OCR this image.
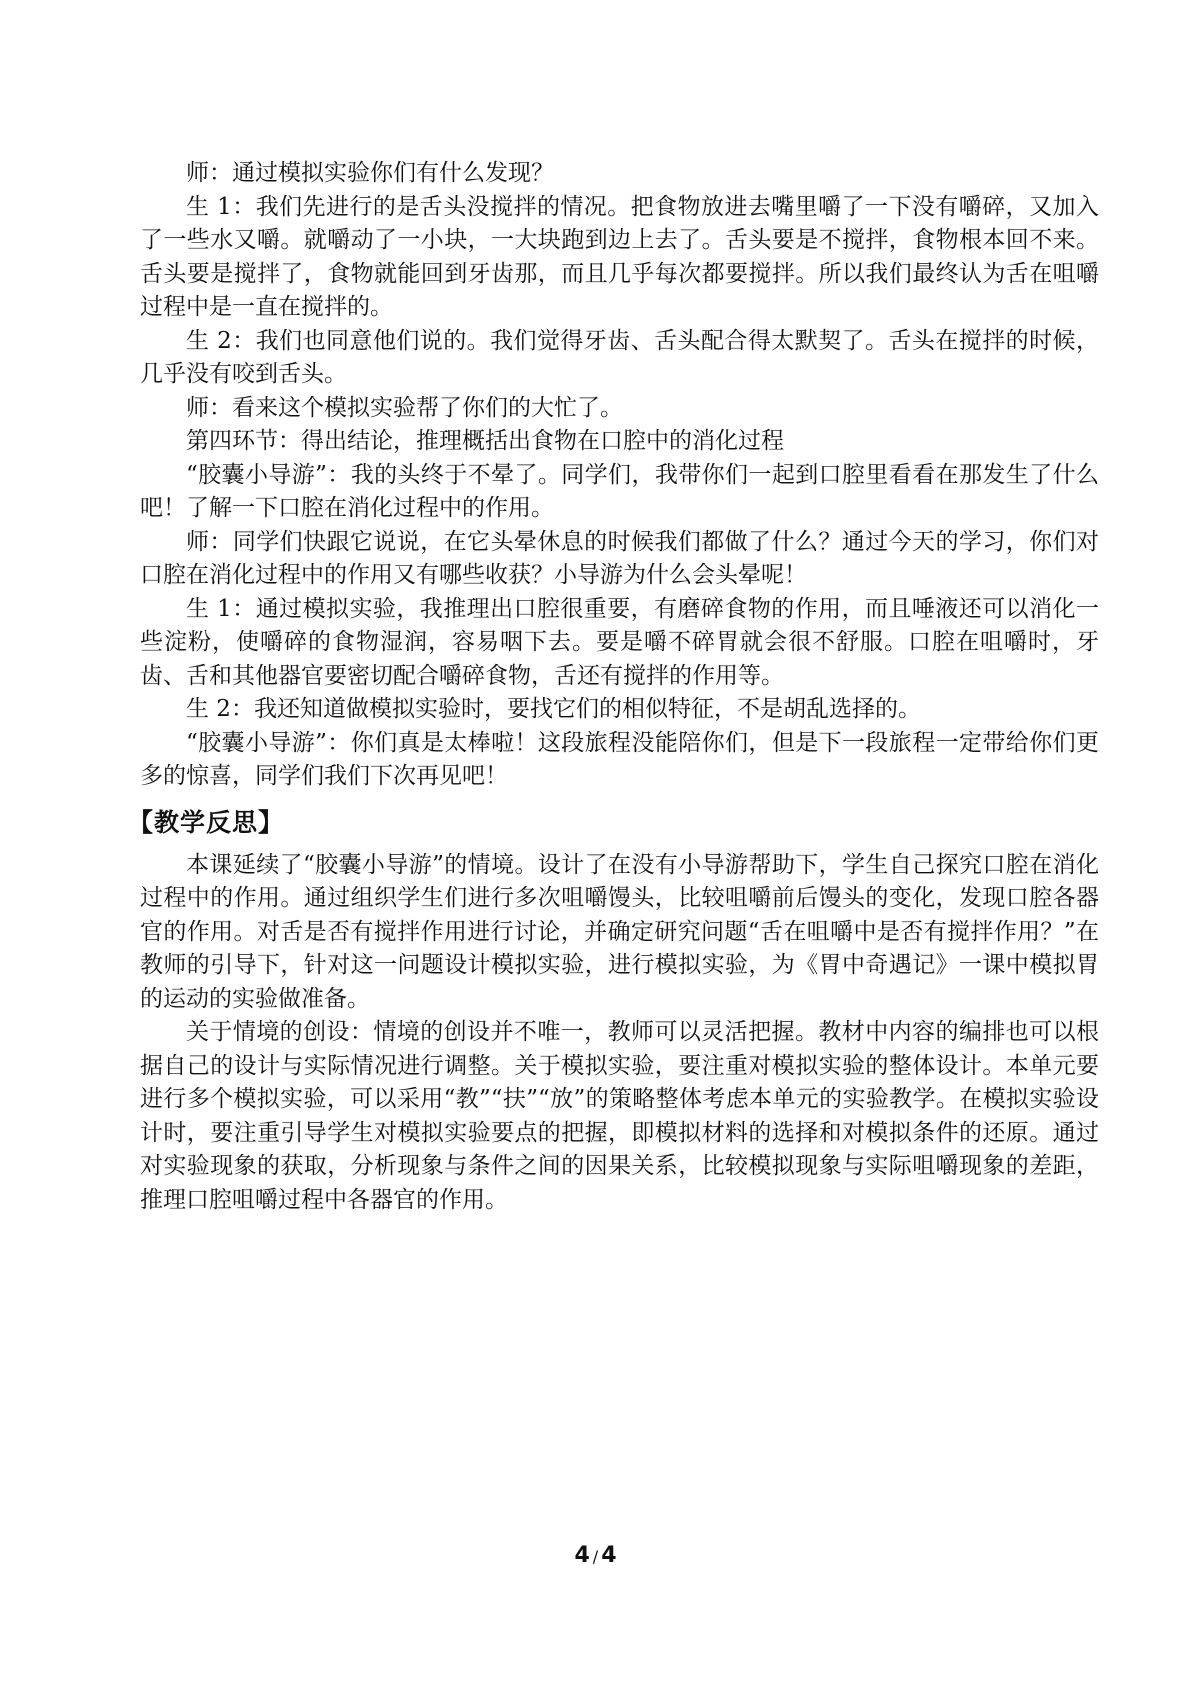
师：通过模拟实验你们有什么发现？

生 1：我们先进行的是舌头没搅拌的情况。把食物放进去嘴里嚼了一下没有嚼碎，又加入了一些水又嚼。就嚼动了一小块，一大块跑到边上去了。舌头要是不搅拌，食物根本回不来。舌头要是搅拌了，食物就能回到牙齿那，而且几乎每次都要搅拌。所以我们最终认为舌在咀嚼过程中是一直在搅拌的。

生 2：我们也同意他们说的。我们觉得牙齿、舌头配合得太默契了。舌头在搅拌的时候，几乎没有咬到舌头。

师：看来这个模拟实验帮了你们的大忙了。

第四环节：得出结论，推理概括出食物在口腔中的消化过程

“胶囊小导游”：我的头终于不晕了。同学们，我带你们一起到口腔里看看在那发生了什么吧！了解一下口腔在消化过程中的作用。

师：同学们快跟它说说，在它头晕休息的时候我们都做了什么？通过今天的学习，你们对口腔在消化过程中的作用又有哪些收获？小导游为什么会头晕呢！

生 1：通过模拟实验，我推理出口腔很重要，有磨碎食物的作用，而且唾液还可以消化一些淀粉，使嚼碎的食物湿润，容易咽下去。要是嚼不碎胃就会很不舒服。口腔在咀嚼时，牙齿、舌和其他器官要密切配合嚼碎食物，舌还有搅拌的作用等。

生 2：我还知道做模拟实验时，要找它们的相似特征，不是胡乱选择的。

“胶囊小导游”：你们真是太棒啦！这段旅程没能陪你们，但是下一段旅程一定带给你们更多的惊喜，同学们我们下次再见吧！

【教学反思】

本课延续了“胶囊小导游”的情境。设计了在没有小导游帮助下，学生自己探究口腔在消化过程中的作用。通过组织学生们进行多次咀嚼馒头，比较咀嚼前后馒头的变化，发现口腔各器官的作用。对舌是否有搅拌作用进行讨论，并确定研究问题“舌在咀嚼中是否有搅拌作用？”在教师的引导下，针对这一问题设计模拟实验，进行模拟实验，为《胃中奇遇记》一课中模拟胃的运动的实验做准备。

关于情境的创设：情境的创设并不唯一，教师可以灵活把握。教材中内容的编排也可以根据自己的设计与实际情况进行调整。关于模拟实验，要注重对模拟实验的整体设计。本单元要进行多个模拟实验，可以采用“教”“扶”“放”的策略整体考虑本单元的实验教学。在模拟实验设计时，要注重引导学生对模拟实验要点的把握，即模拟材料的选择和对模拟条件的还原。通过对实验现象的获取，分析现象与条件之间的因果关系，比较模拟现象与实际咀嚼现象的差距，推理口腔咀嚼过程中各器官的作用。

4 / 4
